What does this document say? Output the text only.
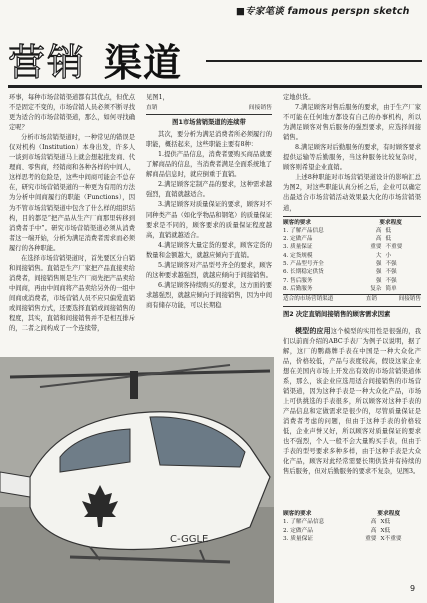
■专家笔谈 famous perspn sketch
营销 渠道

环事，每种市场营销渠道都有其优点，但优点不是固定不变的，市场营销人员必须不断寻找更为适合的市场营销渠道，那么，如何寻找确定呢？

分析市场营销渠道时，一种常见的错误是仅对机构（Institution）本身出发，许多人一谈到市场营销渠道马上就会想起批发商、代理商、零售商，经销商和各种各样的中间人，这样思考的危险是，这些中间商可能会不总存在，研究市场营销渠道的一种更为有用的方法为分析中间商履行的职能（Functions），因为不管市场营销渠道中包含了什么样的组织结构，目的都是“把产品从生产厂商那里转移到消费者手中”。研究市场营销渠道必须从消费者这一端开始，分析为满足消费者需求而必须履行的各种职能。

在选择市场营销渠道时，首先要区分自销和间接销售。直销是生产厂家把产品直接卖给消费者，间接销售则是生产厂商先把产品卖给中间商，再由中间商将产品卖给另外的一组中间商或消费者，市场营销人员不应只偏爱直销或间接销售方式，还要选择直销或间接销售的程度，其实，直销和间接销售并不是相互排斥的，二者之间构成了一个连续带，

见图1，

直销	间接销售
图1市场营销渠道的连续带

其次，要分析为满足消费者所必须履行的职能，概括起来，这些职能主要有8种：

1.提供产品信息，消费者要购买商品就要了解商品的信息，当消费者满足全面系统地了解商品信息时，就应倒重于直销。

2.满足顾客定制产品的要求，这种需求越强烈，直销就越适合。

3.满足顾客对质量保证的要求，顾客对不同种类产品（如化学物品和钢笔）的质量保证要求是不同的，顾客要求的质量保证程度越高，直销就越适合。

4.满足顾客大量定货的要求，顾客定货的数量和金额越大，就越应倾向于直销。

5.满足顾客对产品型号齐全的要求，顾客的这种要求越强烈，就越应倾向于间接销售。

6.满足顾客持续购买的要求，这方面的要求越强烈，就越应倾向于间接销售，因为中间商有储存功能，可以长期稳

定地供货。

7.满足顾客对售后服务的要求，由于生产厂家不可能在任何地方都设有自己的办事机构，所以为满足顾客对售后服务的强烈要求，应选择间接销售。

8.满足顾客对后勤服务的要求，有时顾客要求提供运输等后勤服务，当这种服务比较复杂时，顾客则希望企业直销。

上述8种职能对市场营销渠道设计的影响汇总为图2，对这些职能认真分析之后，企业可以确定出最适合市场营销活动效果最大化的市场营销渠道，

顾客的要求	要求程度	
1. 了解产品信息	高	低
2. 定做产品	高	低
3. 质量保证	重要	不重要
4. 定货规模	大	小
5. 产品型号齐全	强	不强
6. 长期稳定供货	强	不强
7. 售后服务	强	不强
8. 后勤服务	复杂	简单
适合的市场营销渠道	直销	间接销售
图2 决定直销间接销售的顾客需求因素

模型的应用这个模型的实用性是很强的，我们以前面介绍的ABC手表厂为例子以说明，据了解，这厂的鹦鹉牌手表在中国是一种大众化产品，价格较低，产品与表度较高，假设这家企业想在美国内市场上开发出有效的市场营销渠道体系，那么，该企业应选用适合间接销售的市场营销渠道，因为这种手表是一种大众化产品，市场上可供挑选的手表很多，所以顾客对这种手表的产品信息和定做需求是很少的，尽管质量保证是消费者考虑的问题，但由于这种手表的价格较低，企业声誉又好，所以顾客对质量保证的要求也不强烈，个人一般不会大量购买手表，但由于手表的型号要求多种多样，由于这种手表是大众化产品，顾客对此经常需要长期供货并有持续的售后服务，但对后勤服务的要求不复杂，见图3。

顾客的要求	要求程度	
1. 了解产品信息	高	X低
2. 定做产品	高	X低
3. 质量保证	重要	X不重要
C-GGLE
9
